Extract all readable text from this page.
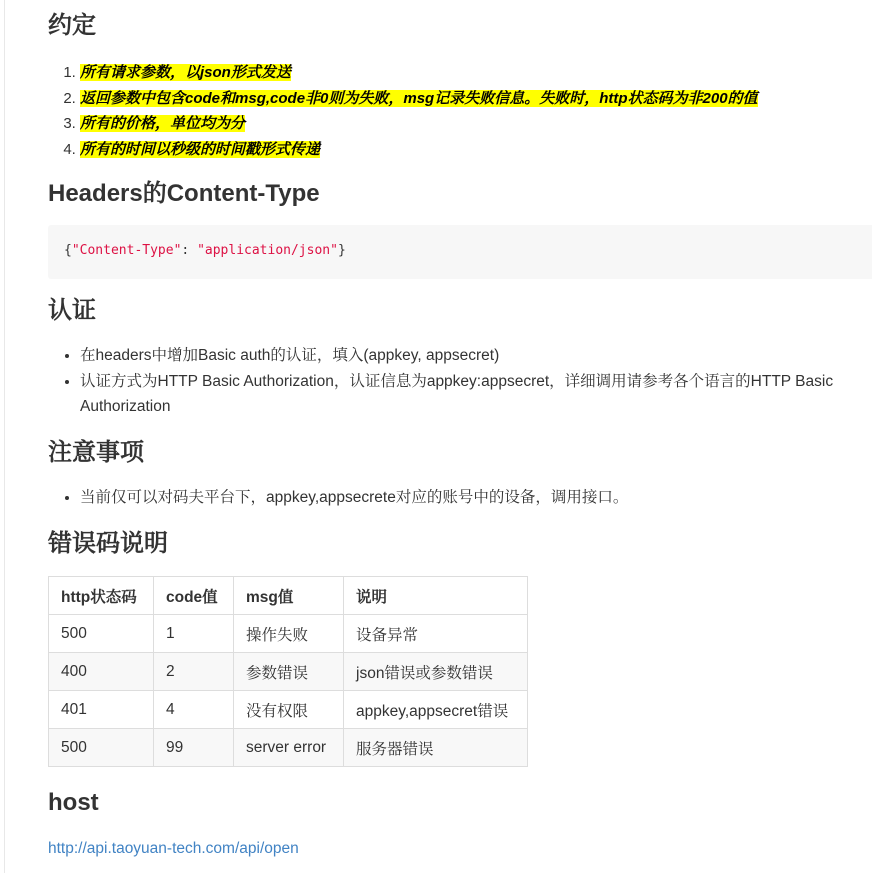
约定
1. 所有请求参数，以json形式发送
2. 返回参数中包含code和msg,code非0则为失败，msg记录失败信息。失败时，http状态码为非200的值
3. 所有的价格，单位均为分
4. 所有的时间以秒级的时间戳形式传递
Headers的Content-Type
{"Content-Type": "application/json"}
认证
• 在headers中增加Basic auth的认证，填入(appkey, appsecret)
• 认证方式为HTTP Basic Authorization，认证信息为appkey:appsecret，详细调用请参考各个语言的HTTP Basic Authorization
注意事项
• 当前仅可以对码夫平台下，appkey,appsecrete对应的账号中的设备，调用接口。
错误码说明
http状态码	code值	msg值	说明
500	1	操作失败	设备异常
400	2	参数错误	json错误或参数错误
401	4	没有权限	appkey,appsecret错误
500	99	server error	服务器错误
host
http://api.taoyuan-tech.com/api/open
